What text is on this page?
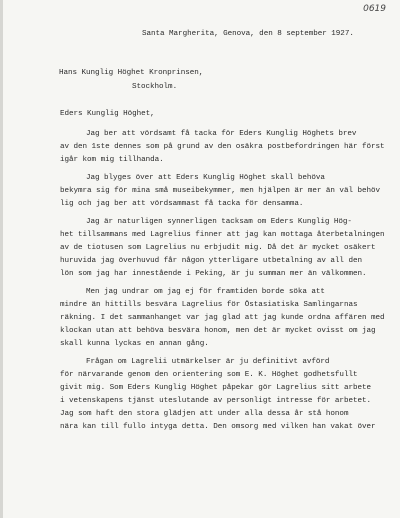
0619
Santa Margherita, Genova, den 8 september 1927.
Hans Kunglig Höghet Kronprinsen,
Stockholm.
Eders Kunglig Höghet,
Jag ber att vördsamt få tacka för Eders Kunglig Höghets brev
av den 1ste dennes som på grund av den osäkra postbefordringen här först
igår kom mig tillhanda.
Jag blyges över att Eders Kunglig Höghet skall behöva
bekymra sig för mina små museibekymmer, men hjälpen är mer än väl behöv
lig och jag ber att vördsammast få tacka för densamma.
Jag är naturligen synnerligen tacksam om Eders Kunglig Hög-
het tillsammans med Lagrelius finner att jag kan mottaga återbetalningen
av de tiotusen som Lagrelius nu erbjudit mig. Då det är mycket osäkert
huruvida jag överhuvud får någon ytterligare utbetalning av all den
lön som jag har innestående i Peking, är ju summan mer än välkommen.
Men jag undrar om jag ej för framtiden borde söka att
mindre än hittills besvära Lagrelius för Östasiatiska Samlingarnas
räkning. I det sammanhanget var jag glad att jag kunde ordna affären med
klockan utan att behöva besvära honom, men det är mycket ovisst om jag
skall kunna lyckas en annan gång.
Frågan om Lagrelii utmärkelser är ju definitivt avförd
för närvarande genom den orientering som E. K. Höghet godhetsfullt
givit mig. Som Eders Kunglig Höghet påpekar gör Lagrelius sitt arbete
i vetenskapens tjänst uteslutande av personligt intresse för arbetet.
Jag som haft den stora glädjen att under alla dessa år stå honom
nära kan till fullo intyga detta. Den omsorg med vilken han vakat över
